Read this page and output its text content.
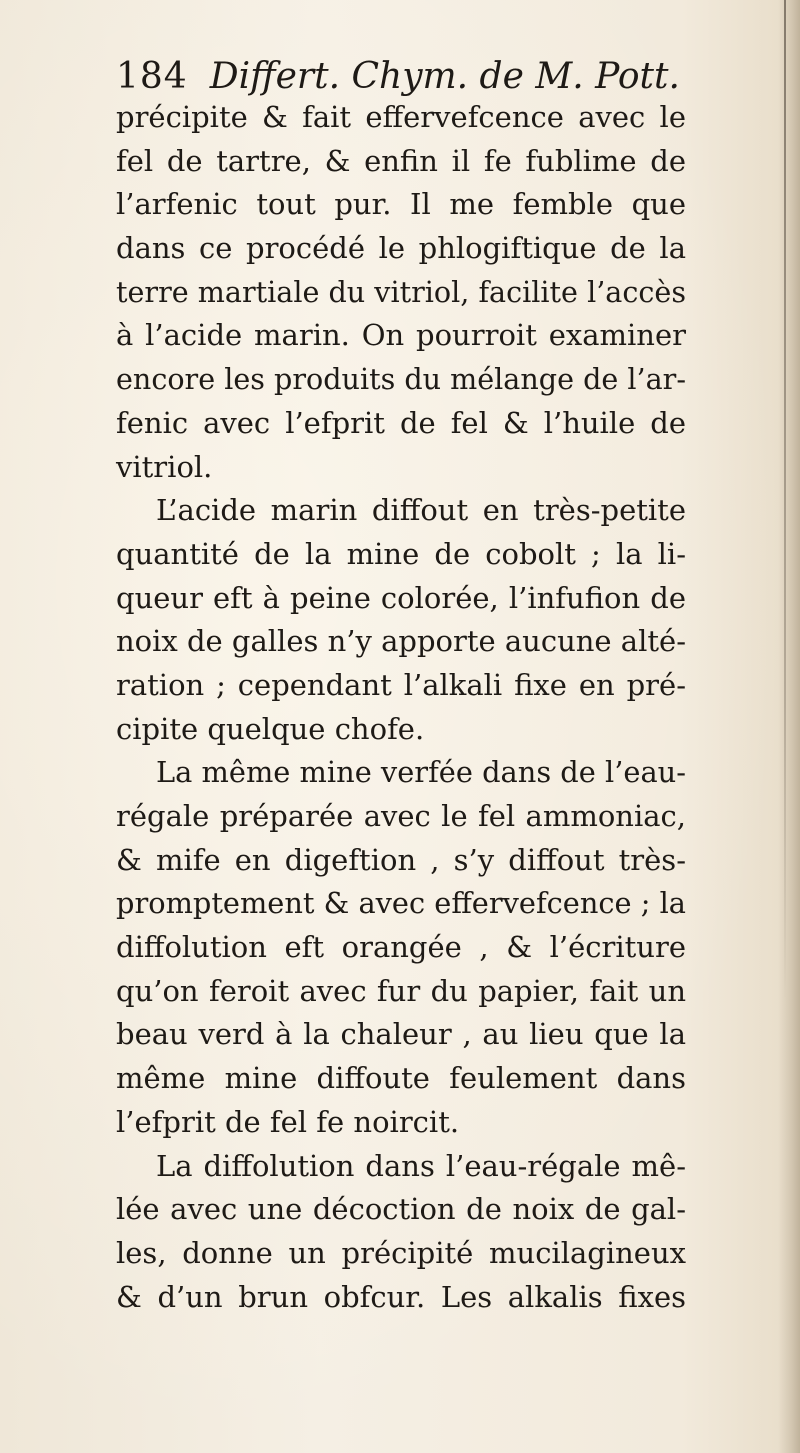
184 Differt. Chym. de M. Pott.
précipite & fait effervefcence avec le
fel de tartre, & enfin il fe fublime de
l’arfenic tout pur. Il me femble que
dans ce procédé le phlogiftique de la
terre martiale du vitriol, facilite l’accès
à l’acide marin. On pourroit examiner
encore les produits du mélange de l’ar-
fenic avec l’efprit de fel & l’huile de
vitriol.
L’acide marin diffout en très-petite
quantité de la mine de cobolt ; la li-
queur eft à peine colorée, l’infufion de
noix de galles n’y apporte aucune alté-
ration ; cependant l’alkali fixe en pré-
cipite quelque chofe.
La même mine verfée dans de l’eau-
régale préparée avec le fel ammoniac,
& mife en digeftion , s’y diffout très-
promptement & avec effervefcence ; la
diffolution eft orangée , & l’écriture
qu’on feroit avec fur du papier, fait un
beau verd à la chaleur , au lieu que la
même mine diffoute feulement dans
l’efprit de fel fe noircit.
La diffolution dans l’eau-régale mê-
lée avec une décoction de noix de gal-
les, donne un précipité mucilagineux
& d’un brun obfcur. Les alkalis fixes
